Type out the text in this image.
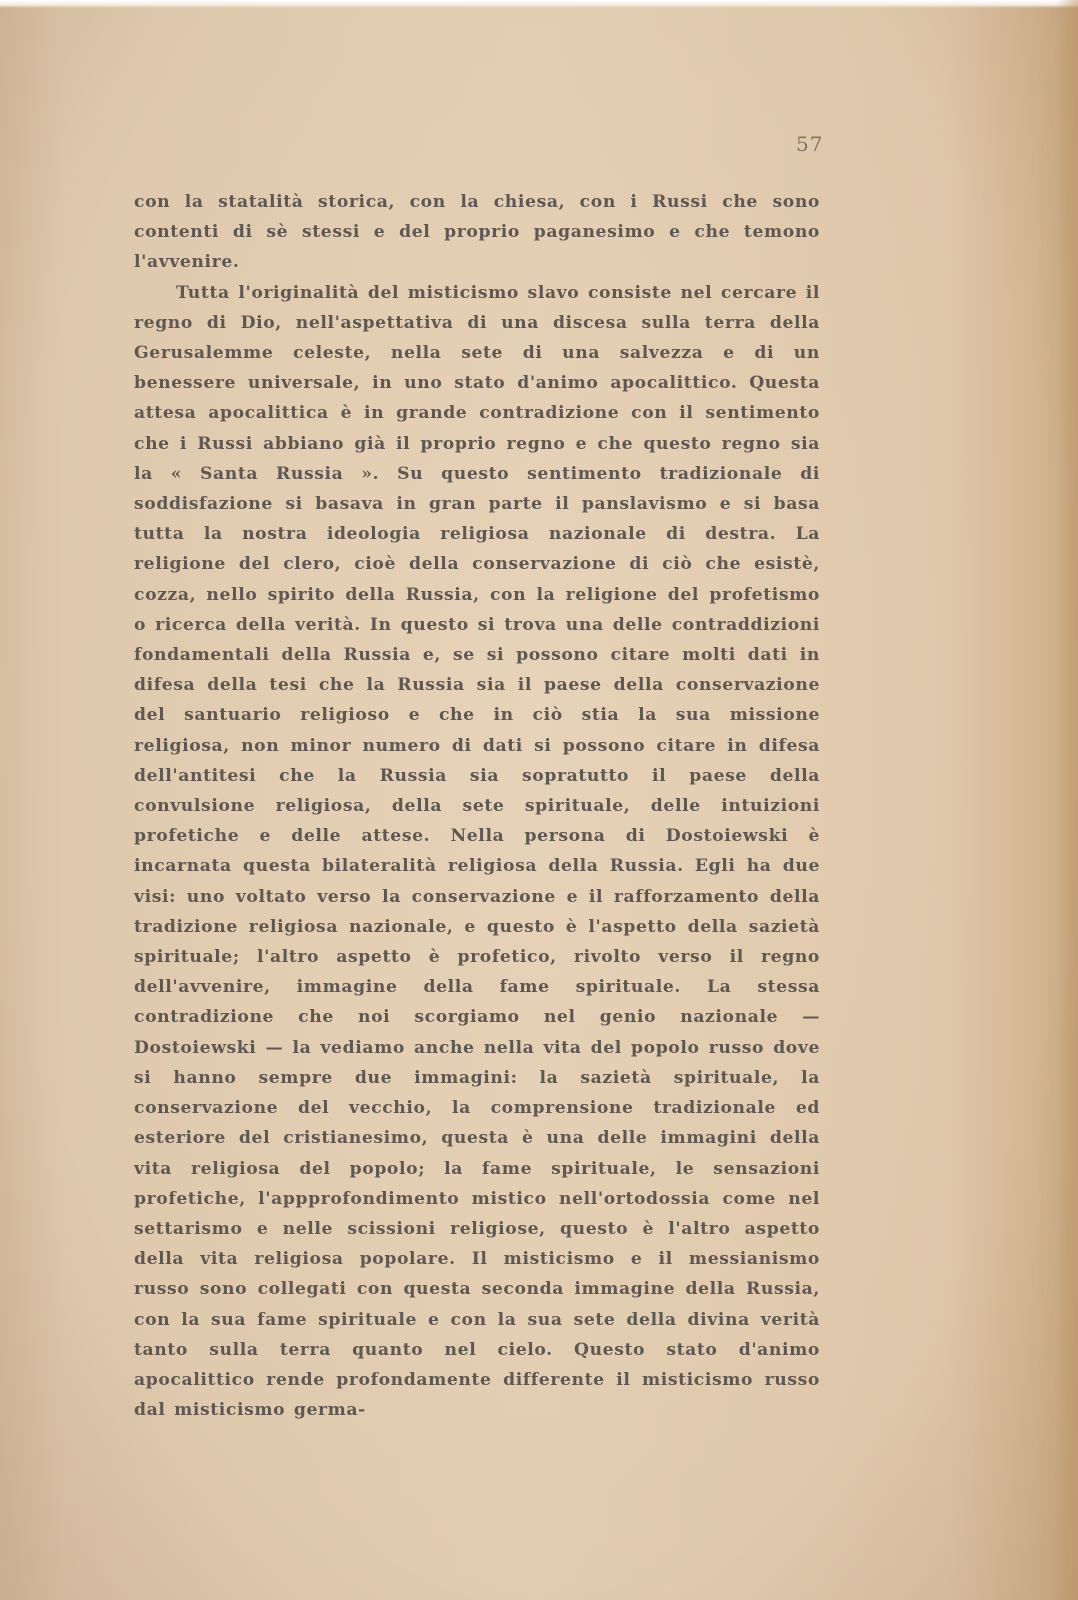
57

con la statalità storica, con la chiesa, con i Russi che sono contenti di sè stessi e del proprio paganesimo e che temono l'avvenire.

Tutta l'originalità del misticismo slavo consiste nel cercare il regno di Dio, nell'aspettativa di una discesa sulla terra della Gerusalemme celeste, nella sete di una salvezza e di un benessere universale, in uno stato d'animo apocalittico. Questa attesa apocalittica è in grande contradizione con il sentimento che i Russi abbiano già il proprio regno e che questo regno sia la « Santa Russia ». Su questo sentimento tradizionale di soddisfazione si basava in gran parte il panslavismo e si basa tutta la nostra ideologia religiosa nazionale di destra. La religione del clero, cioè della conservazione di ciò che esistè, cozza, nello spirito della Russia, con la religione del profetismo o ricerca della verità. In questo si trova una delle contraddizioni fondamentali della Russia e, se si possono citare molti dati in difesa della tesi che la Russia sia il paese della conservazione del santuario religioso e che in ciò stia la sua missione religiosa, non minor numero di dati si possono citare in difesa dell'antitesi che la Russia sia sopratutto il paese della convulsione religiosa, della sete spirituale, delle intuizioni profetiche e delle attese. Nella persona di Dostoiewski è incarnata questa bilateralità religiosa della Russia. Egli ha due visi: uno voltato verso la conservazione e il rafforzamento della tradizione religiosa nazionale, e questo è l'aspetto della sazietà spirituale; l'altro aspetto è profetico, rivolto verso il regno dell'avvenire, immagine della fame spirituale. La stessa contradizione che noi scorgiamo nel genio nazionale — Dostoiewski — la vediamo anche nella vita del popolo russo dove si hanno sempre due immagini: la sazietà spirituale, la conservazione del vecchio, la comprensione tradizionale ed esteriore del cristianesimo, questa è una delle immagini della vita religiosa del popolo; la fame spirituale, le sensazioni profetiche, l'appprofondimento mistico nell'ortodossia come nel settarismo e nelle scissioni religiose, questo è l'altro aspetto della vita religiosa popolare. Il misticismo e il messianismo russo sono collegati con questa seconda immagine della Russia, con la sua fame spirituale e con la sua sete della divina verità tanto sulla terra quanto nel cielo. Questo stato d'animo apocalittico rende profondamente differente il misticismo russo dal misticismo germa-
